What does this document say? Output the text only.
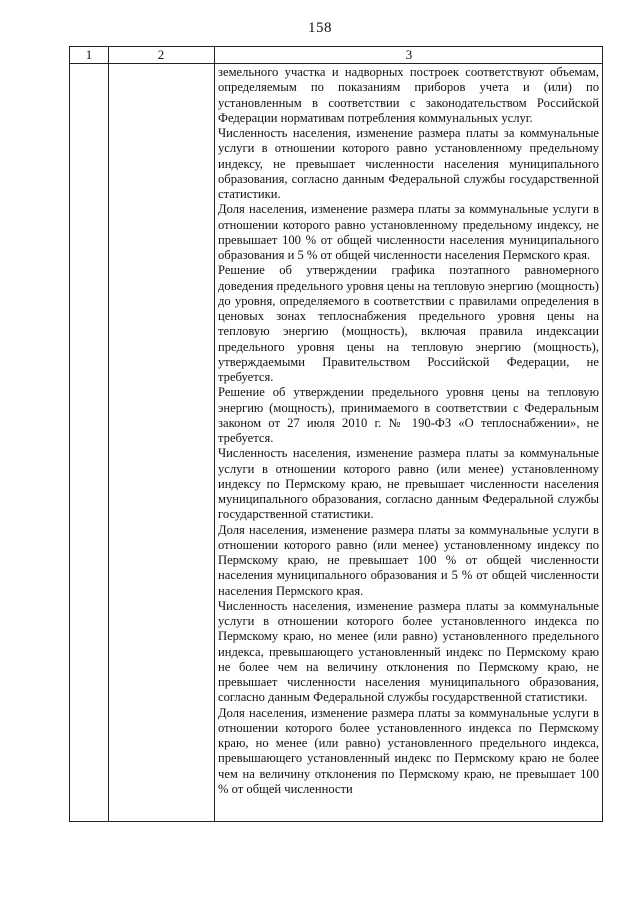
158
1	2	3

земельного участка и надворных построек соответствуют объемам, определяемым по показаниям приборов учета и (или) по установленным в соответствии с законодательством Российской Федерации нормативам потребления коммунальных услуг.

Численность населения, изменение размера платы за коммунальные услуги в отношении которого равно установленному предельному индексу, не превышает численности населения муниципального образования, согласно данным Федеральной службы государственной статистики.

Доля населения, изменение размера платы за коммунальные услуги в отношении которого равно установленному предельному индексу, не превышает 100 % от общей численности населения муниципального образования и 5 % от общей численности населения Пермского края.

Решение об утверждении графика поэтапного равномерного доведения предельного уровня цены на тепловую энергию (мощность) до уровня, определяемого в соответствии с правилами определения в ценовых зонах теплоснабжения предельного уровня цены на тепловую энергию (мощность), включая правила индексации предельного уровня цены на тепловую энергию (мощность), утверждаемыми Правительством Российской Федерации, не требуется.

Решение об утверждении предельного уровня цены на тепловую энергию (мощность), принимаемого в соответствии с Федеральным законом от 27 июля 2010 г. № 190-ФЗ «О теплоснабжении», не требуется.

Численность населения, изменение размера платы за коммунальные услуги в отношении которого равно (или менее) установленному индексу по Пермскому краю, не превышает численности населения муниципального образования, согласно данным Федеральной службы государственной статистики.

Доля населения, изменение размера платы за коммунальные услуги в отношении которого равно (или менее) установленному индексу по Пермскому краю, не превышает 100 % от общей численности населения муниципального образования и 5 % от общей численности населения Пермского края.

Численность населения, изменение размера платы за коммунальные услуги в отношении которого более установленного индекса по Пермскому краю, но менее (или равно) установленного предельного индекса, превышающего установленный индекс по Пермскому краю не более чем на величину отклонения по Пермскому краю, не превышает численности населения муниципального образования, согласно данным Федеральной службы государственной статистики.

Доля населения, изменение размера платы за коммунальные услуги в отношении которого более установленного индекса по Пермскому краю, но менее (или равно) установленного предельного индекса, превышающего установленный индекс по Пермскому краю не более чем на величину отклонения по Пермскому краю, не превышает 100 % от общей численности
